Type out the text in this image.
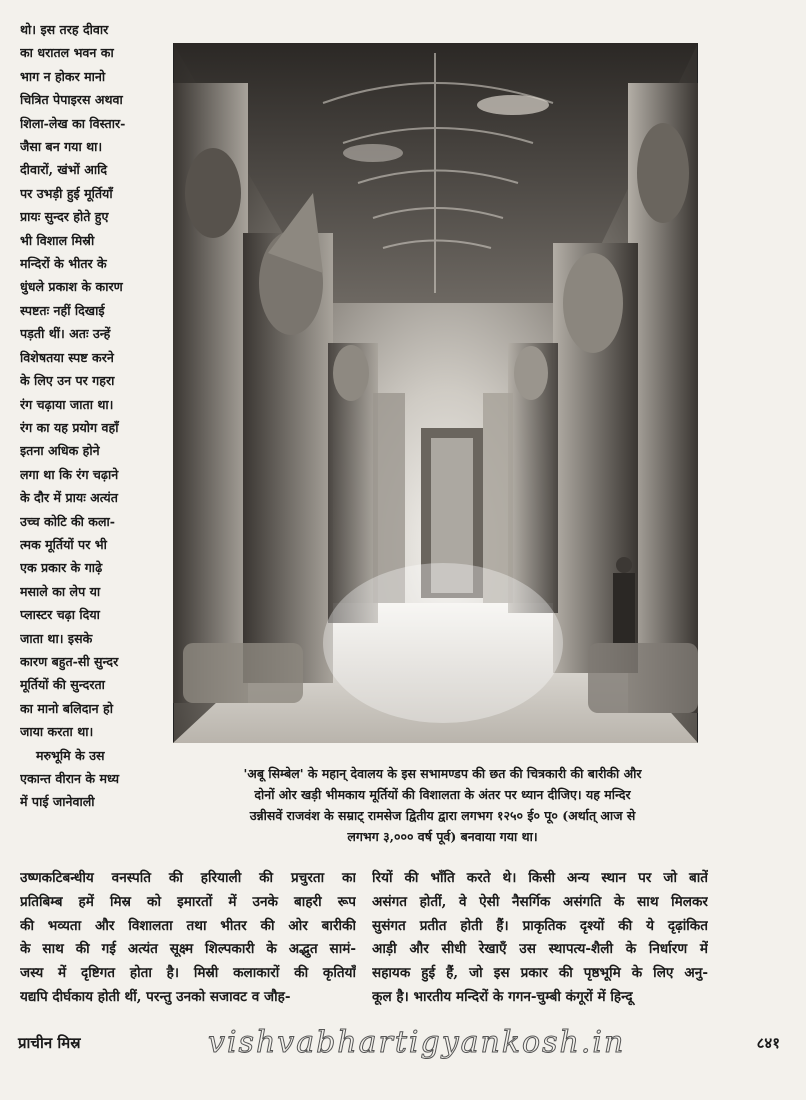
थो। इस तरह दीवार
का धरातल भवन का
भाग न होकर मानो
चित्रित पेपाइरस अथवा
शिला-लेख का विस्तार-
जैसा बन गया था।
दीवारों, खंभों आदि
पर उभड़ी हुई मूर्तियाँ
प्रायः सुन्दर होते हुए
भी विशाल मिस्री
मन्दिरों के भीतर के
धुंधले प्रकाश के कारण
स्पष्टतः नहीं दिखाई
पड़ती थीं। अतः उन्हें
विशेषतया स्पष्ट करने
के लिए उन पर गहरा
रंग चढ़ाया जाता था।
रंग का यह प्रयोग वहाँ
इतना अधिक होने
लगा था कि रंग चढ़ाने
के दौर में प्रायः अत्यंत
उच्च कोटि की कला-
त्मक मूर्तियों पर भी
एक प्रकार के गाढ़े
मसाले का लेप या
प्लास्टर चढ़ा दिया
जाता था। इसके
कारण बहुत-सी सुन्दर
मूर्तियों की सुन्दरता
का मानो बलिदान हो
जाया करता था।
मरुभूमि के उस
एकान्त वीरान के मध्य
में पाई जानेवाली
'अबू सिम्बेल' के महान् देवालय के इस सभामण्डप की छत की चित्रकारी की बारीकी और
दोनों ओर खड़ी भीमकाय मूर्तियों की विशालता के अंतर पर ध्यान दीजिए। यह मन्दिर
उन्नीसवें राजवंश के सम्राट् रामसेज द्वितीय द्वारा लगभग १२५० ई० पू० (अर्थात् आज से
लगभग ३,००० वर्ष पूर्व) बनवाया गया था।
उष्णकटिबन्धीय वनस्पति की हरियाली की प्रचुरता का
प्रतिबिम्ब हमें मिस्र को इमारतों में उनके बाहरी रूप
की भव्यता और विशालता तथा भीतर की ओर बारीकी
के साथ की गई अत्यंत सूक्ष्म शिल्पकारी के अद्भुत सामं-
जस्य में दृष्टिगत होता है। मिस्री कलाकारों की कृतियाँ
यद्यपि दीर्घकाय होती थीं, परन्तु उनको सजावट व जौह-
रियों की भाँति करते थे। किसी अन्य स्थान पर जो बातें
असंगत होतीं, वे ऐसी नैसर्गिक असंगति के साथ मिलकर
सुसंगत प्रतीत होती हैं। प्राकृतिक दृश्यों की ये दृढ़ांकित
आड़ी और सीधी रेखाएँ उस स्थापत्य-शैली के निर्धारण में
सहायक हुई हैं, जो इस प्रकार की पृष्ठभूमि के लिए अनु-
कूल है। भारतीय मन्दिरों के गगन-चुम्बी कंगूरों में हिन्दू
प्राचीन मिस्र	vishvabhartigyankosh.in	८४१
